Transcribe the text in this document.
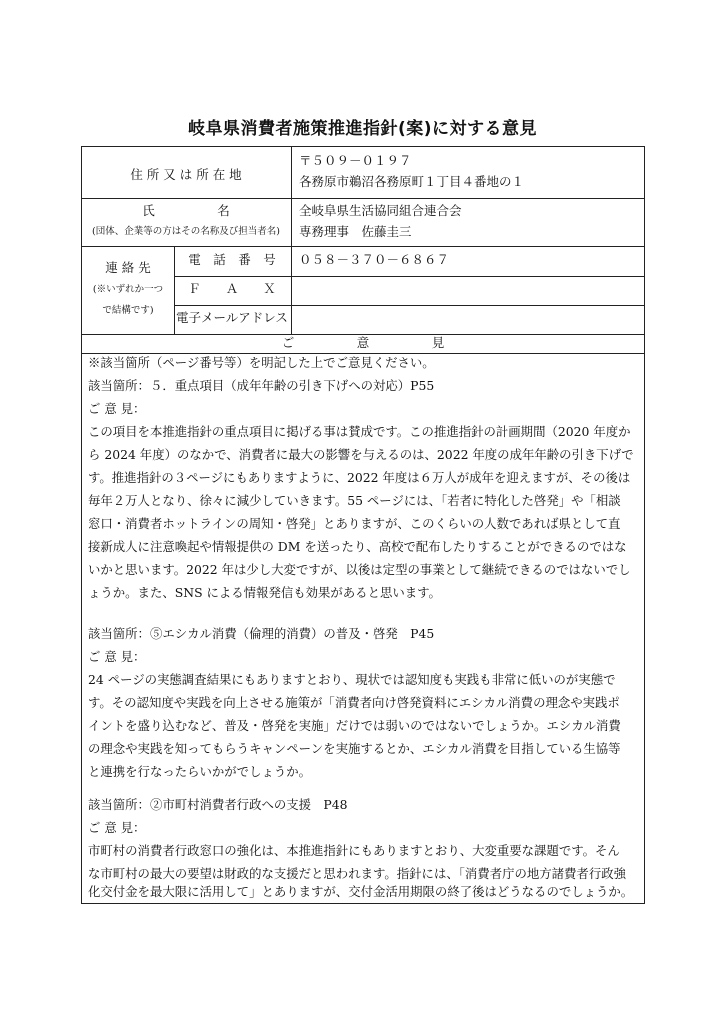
岐阜県消費者施策推進指針(案)に対する意見
住 所 又 は 所 在 地
〒５０９－０１９７
各務原市鵜沼各務原町１丁目４番地の１
氏　　　　　名
(団体、企業等の方はその名称及び担当者名)
全岐阜県生活協同組合連合会
専務理事　佐藤圭三
連 絡 先
(※いずれか一つ
で結構です)
電　話　番　号	０５８－３７０－６８６７
Ｆ　　Ａ　　Ｘ
電子メールアドレス
ご　　　　　意　　　　　見
※該当箇所（ページ番号等）を明記した上でご意見ください。
該当箇所：５．重点項目（成年年齢の引き下げへの対応）P55
ご 意 見：
この項目を本推進指針の重点項目に掲げる事は賛成です。この推進指針の計画期間（2020 年度か
ら 2024 年度）のなかで、消費者に最大の影響を与えるのは、2022 年度の成年年齢の引き下げで
す。推進指針の３ページにもありますように、2022 年度は６万人が成年を迎えますが、その後は
毎年２万人となり、徐々に減少していきます。55 ページには、「若者に特化した啓発」や「相談
窓口・消費者ホットラインの周知・啓発」とありますが、このくらいの人数であれば県として直
接新成人に注意喚起や情報提供の DM を送ったり、高校で配布したりすることができるのではな
いかと思います。2022 年は少し大変ですが、以後は定型の事業として継続できるのではないでし
ょうか。また、SNS による情報発信も効果があると思います。
該当箇所：⑤エシカル消費（倫理的消費）の普及・啓発　P45
ご 意 見：
24 ページの実態調査結果にもありますとおり、現状では認知度も実践も非常に低いのが実態で
す。その認知度や実践を向上させる施策が「消費者向け啓発資料にエシカル消費の理念や実践ポ
イントを盛り込むなど、普及・啓発を実施」だけでは弱いのではないでしょうか。エシカル消費
の理念や実践を知ってもらうキャンペーンを実施するとか、エシカル消費を目指している生協等
と連携を行なったらいかがでしょうか。
該当箇所：②市町村消費者行政への支援　P48
ご 意 見：
市町村の消費者行政窓口の強化は、本推進指針にもありますとおり、大変重要な課題です。そん
な市町村の最大の要望は財政的な支援だと思われます。指針には、「消費者庁の地方諸費者行政強
化交付金を最大限に活用して」とありますが、交付金活用期限の終了後はどうなるのでしょうか。
